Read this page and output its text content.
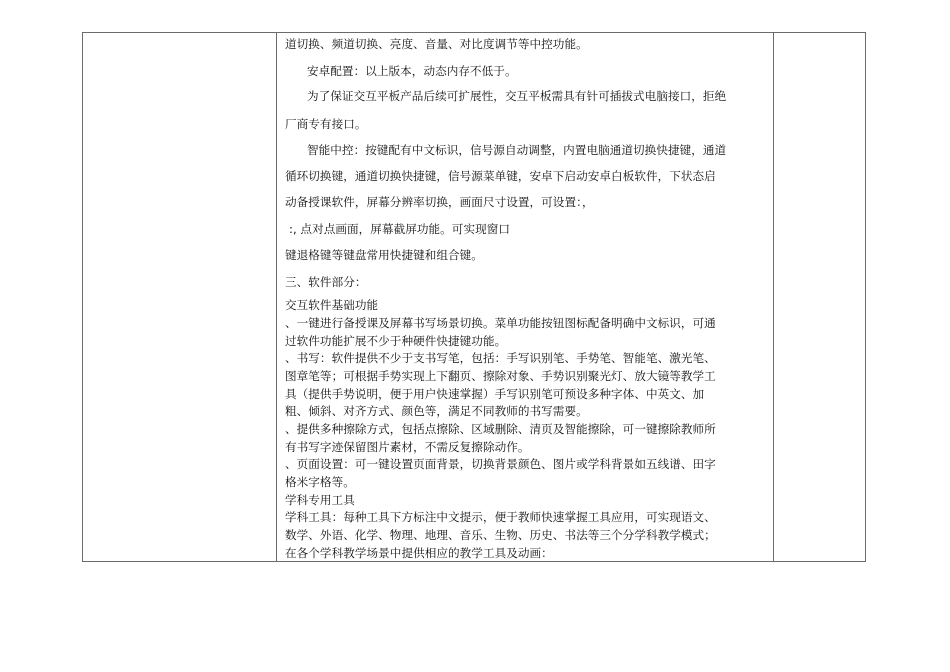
道切换、频道切换、亮度、音量、对比度调节等中控功能。
安卓配置：以上版本，动态内存不低于。
为了保证交互平板产品后续可扩展性，交互平板需具有针可插拔式电脑接口，拒绝
厂商专有接口。
智能中控：按键配有中文标识，信号源自动调整，内置电脑通道切换快捷键，通道
循环切换键，通道切换快捷键，信号源菜单键，安卓下启动安卓白板软件，下状态启
动备授课软件，屏幕分辨率切换，画面尺寸设置，可设置：，
:, 点对点画面，屏幕截屏功能。可实现窗口
键退格键等键盘常用快捷键和组合键。
三、软件部分：
交互软件基础功能
、一键进行备授课及屏幕书写场景切换。菜单功能按钮图标配备明确中文标识，可通
过软件功能扩展不少于种硬件快捷键功能。
、书写：软件提供不少于支书写笔，包括：手写识别笔、手势笔、智能笔、激光笔、
图章笔等；可根据手势实现上下翻页、擦除对象、手势识别聚光灯、放大镜等教学工
具（提供手势说明，便于用户快速掌握）手写识别笔可预设多种字体、中英文、加
粗、倾斜、对齐方式、颜色等，满足不同教师的书写需要。
、提供多种擦除方式，包括点擦除、区域删除、清页及智能擦除，可一键擦除教师所
有书写字迹保留图片素材，不需反复擦除动作。
、页面设置：可一键设置页面背景，切换背景颜色、图片或学科背景如五线谱、田字
格米字格等。
学科专用工具
学科工具：每种工具下方标注中文提示，便于教师快速掌握工具应用，可实现语文、
数学、外语、化学、物理、地理、音乐、生物、历史、书法等三个分学科教学模式；
在各个学科教学场景中提供相应的教学工具及动画：
